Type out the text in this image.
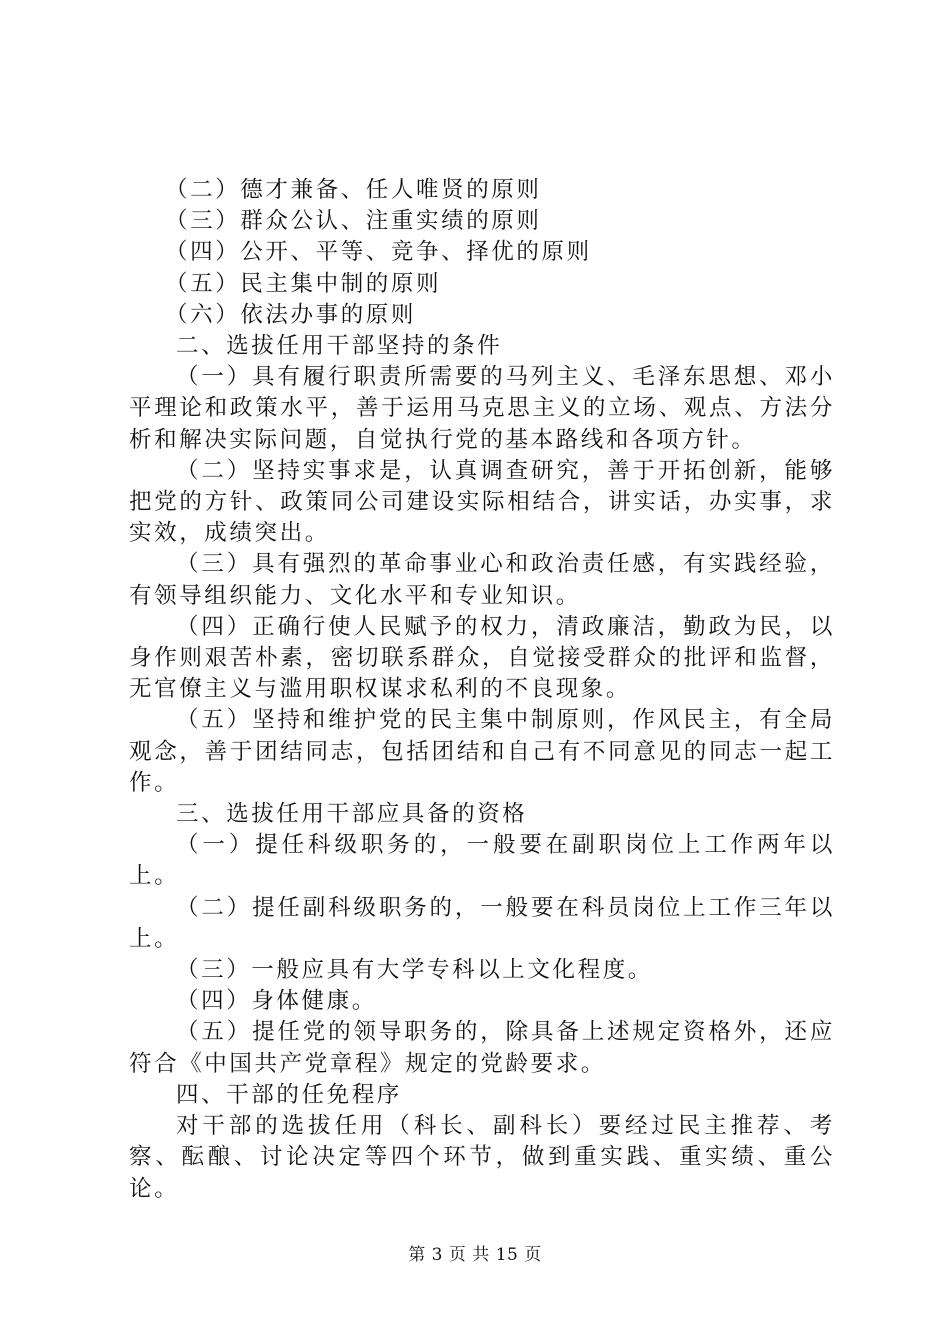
（二）德才兼备、任人唯贤的原则

（三）群众公认、注重实绩的原则

（四）公开、平等、竞争、择优的原则

（五）民主集中制的原则

（六）依法办事的原则

二、选拔任用干部坚持的条件

（一）具有履行职责所需要的马列主义、毛泽东思想、邓小平理论和政策水平，善于运用马克思主义的立场、观点、方法分析和解决实际问题，自觉执行党的基本路线和各项方针。

（二）坚持实事求是，认真调查研究，善于开拓创新，能够把党的方针、政策同公司建设实际相结合，讲实话，办实事，求实效，成绩突出。

（三）具有强烈的革命事业心和政治责任感，有实践经验，有领导组织能力、文化水平和专业知识。

（四）正确行使人民赋予的权力，清政廉洁，勤政为民，以身作则艰苦朴素，密切联系群众，自觉接受群众的批评和监督，无官僚主义与滥用职权谋求私利的不良现象。

（五）坚持和维护党的民主集中制原则，作风民主，有全局观念，善于团结同志，包括团结和自己有不同意见的同志一起工作。

三、选拔任用干部应具备的资格

（一）提任科级职务的，一般要在副职岗位上工作两年以上。

（二）提任副科级职务的，一般要在科员岗位上工作三年以上。

（三）一般应具有大学专科以上文化程度。

（四）身体健康。

（五）提任党的领导职务的，除具备上述规定资格外，还应符合《中国共产党章程》规定的党龄要求。

四、干部的任免程序

对干部的选拔任用（科长、副科长）要经过民主推荐、考察、酝酿、讨论决定等四个环节，做到重实践、重实绩、重公论。

第 3 页 共 15 页
